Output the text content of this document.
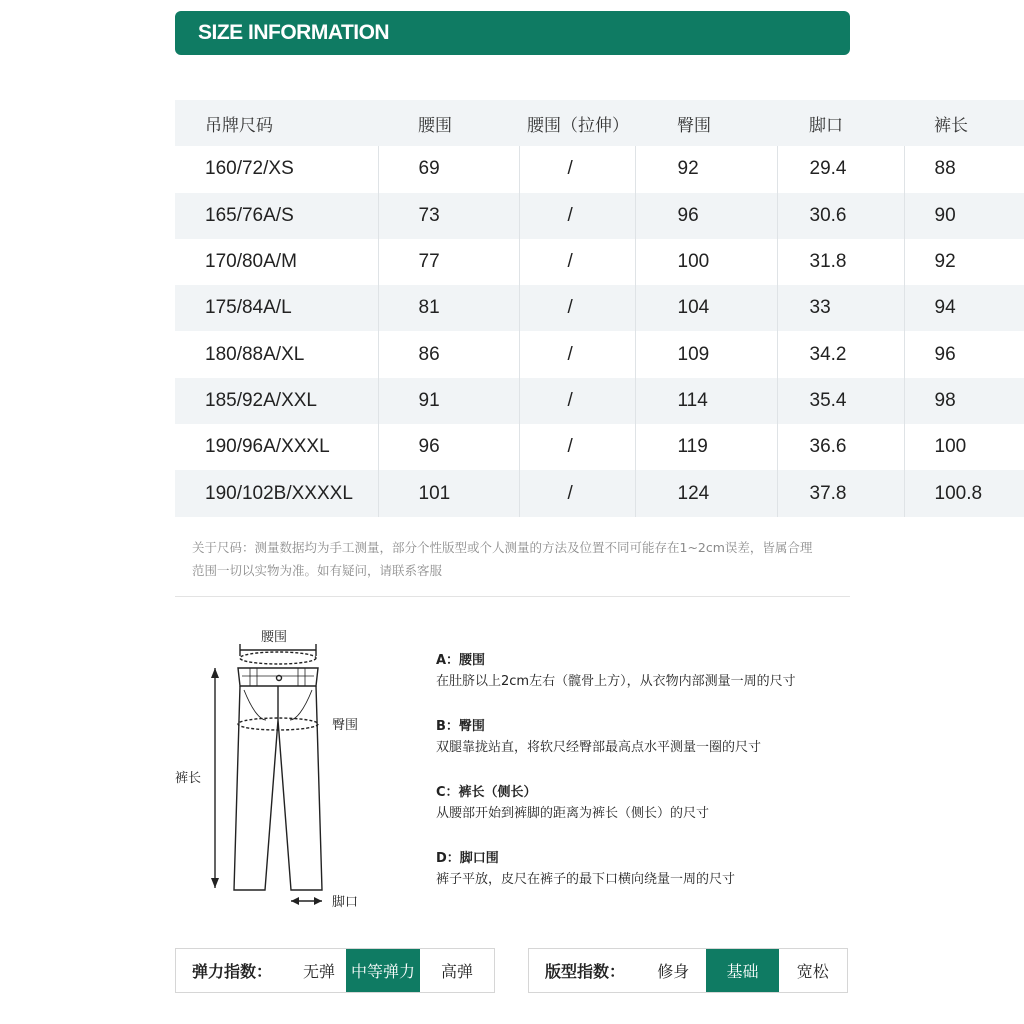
SIZE INFORMATION
吊牌尺码	腰围	腰围（拉伸）	臀围	脚口	裤长
160/72/XS	69	/	92	29.4	88
165/76A/S	73	/	96	30.6	90
170/80A/M	77	/	100	31.8	92
175/84A/L	81	/	104	33	94
180/88A/XL	86	/	109	34.2	96
185/92A/XXL	91	/	114	35.4	98
190/96A/XXXL	96	/	119	36.6	100
190/102B/XXXXL	101	/	124	37.8	100.8
关于尺码：测量数据均为手工测量，部分个性版型或个人测量的方法及位置不同可能存在1~2cm误差，皆属合理
范围一切以实物为准。如有疑问，请联系客服
腰围
臀围
裤长
脚口
A：腰围
在肚脐以上2cm左右（髋骨上方），从衣物内部测量一周的尺寸
B：臀围
双腿靠拢站直，将软尺经臀部最高点水平测量一圈的尺寸
C：裤长（侧长）
从腰部开始到裤脚的距离为裤长（侧长）的尺寸
D：脚口围
裤子平放，皮尺在裤子的最下口横向绕量一周的尺寸
弹力指数：	无弹 中等弹力	高弹	版型指数：	修身	基础	宽松
